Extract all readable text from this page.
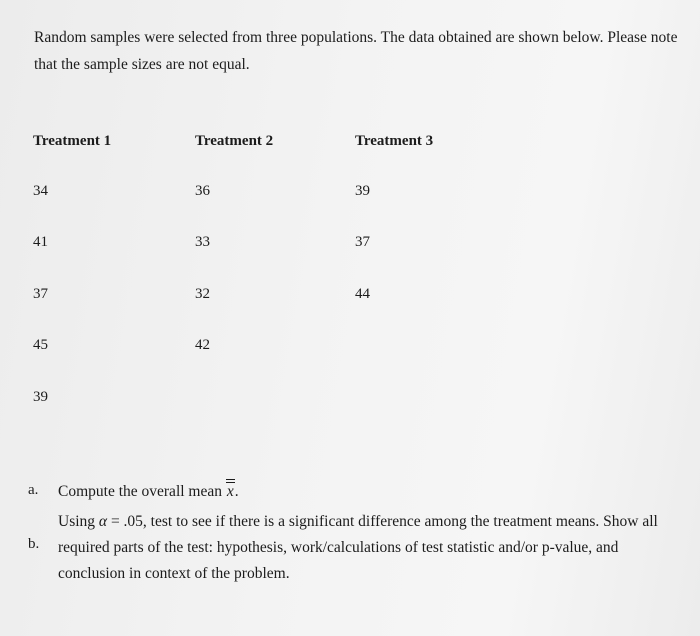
Random samples were selected from three populations. The data obtained are shown below. Please note that the sample sizes are not equal.
Treatment 1
34
41
37
45
39
Treatment 2
36
33
32
42
Treatment 3
39
37
44
a. Compute the overall mean x.
b.
Using α = .05, test to see if there is a significant difference among the treatment means. Show all required parts of the test: hypothesis, work/calculations of test statistic and/or p-value, and conclusion in context of the problem.
